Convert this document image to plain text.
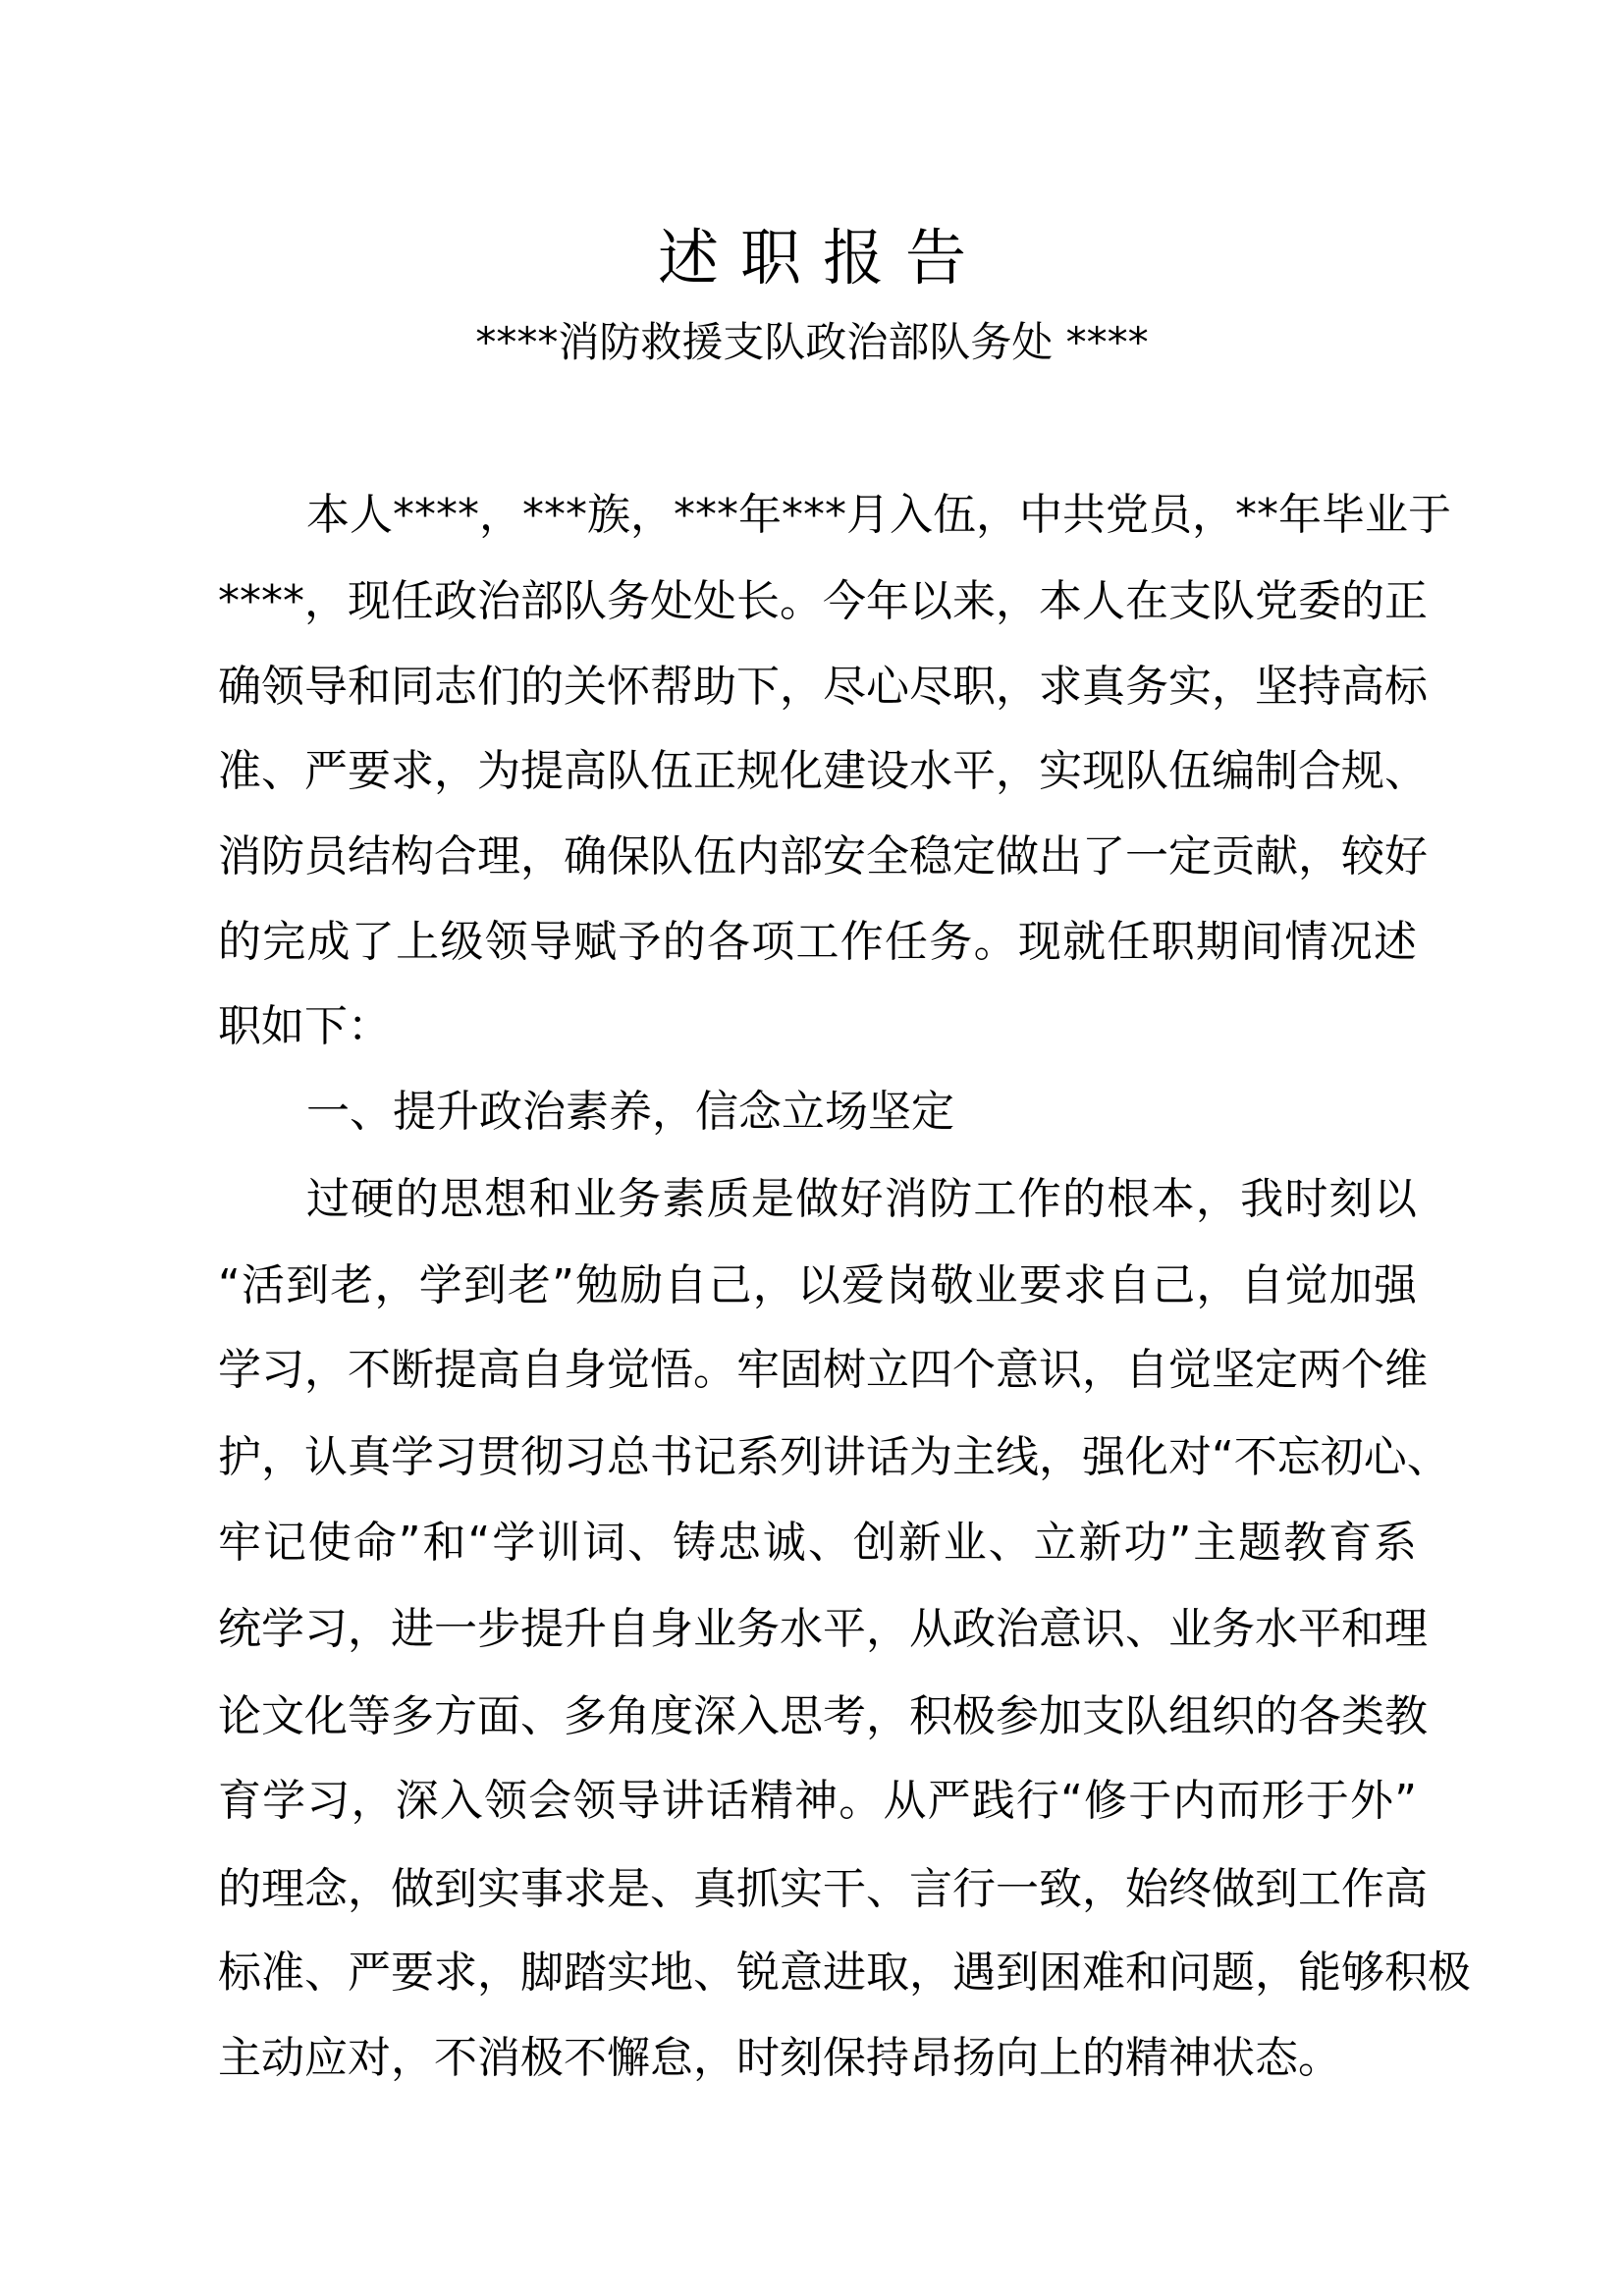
述职报告
****消防救援支队政治部队务处 ****
本人****，***族，***年***月入伍，中共党员，**年毕业于
****，现任政治部队务处处长。今年以来，本人在支队党委的正
确领导和同志们的关怀帮助下，尽心尽职，求真务实，坚持高标
准、严要求，为提高队伍正规化建设水平，实现队伍编制合规、
消防员结构合理，确保队伍内部安全稳定做出了一定贡献，较好
的完成了上级领导赋予的各项工作任务。现就任职期间情况述
职如下：
一、提升政治素养，信念立场坚定
过硬的思想和业务素质是做好消防工作的根本，我时刻以
“活到老，学到老”勉励自己，以爱岗敬业要求自己，自觉加强
学习，不断提高自身觉悟。牢固树立四个意识，自觉坚定两个维
护，认真学习贯彻习总书记系列讲话为主线，强化对“不忘初心、
牢记使命”和“学训词、铸忠诚、创新业、立新功”主题教育系
统学习，进一步提升自身业务水平，从政治意识、业务水平和理
论文化等多方面、多角度深入思考，积极参加支队组织的各类教
育学习，深入领会领导讲话精神。从严践行“修于内而形于外”
的理念，做到实事求是、真抓实干、言行一致，始终做到工作高
标准、严要求，脚踏实地、锐意进取，遇到困难和问题，能够积极
主动应对，不消极不懈怠，时刻保持昂扬向上的精神状态。
